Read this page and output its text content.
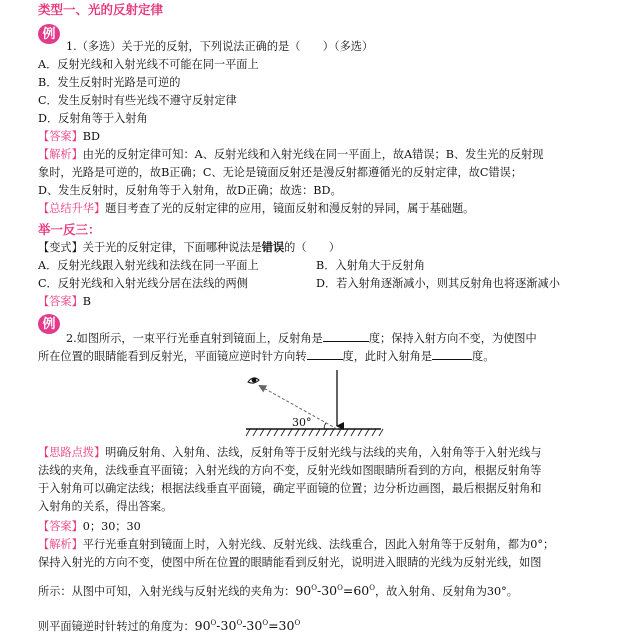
类型一、光的反射定律
例
1.（多选）关于光的反射，下列说法正确的是（　　）（多选）
A．反射光线和入射光线不可能在同一平面上
B．发生反射时光路是可逆的
C．发生反射时有些光线不遵守反射定律
D．反射角等于入射角
【答案】BD
【解析】由光的反射定律可知：A、反射光线和入射光线在同一平面上，故A错误；B、发生光的反射现
象时，光路是可逆的，故B正确；C、无论是镜面反射还是漫反射都遵循光的反射定律，故C错误；
D、发生反射时，反射角等于入射角，故D正确；故选：BD。
【总结升华】题目考查了光的反射定律的应用，镜面反射和漫反射的异同，属于基础题。
举一反三：
【变式】关于光的反射定律，下面哪种说法是错误的（　　）
A．反射光线跟入射光线和法线在同一平面上	B．入射角大于反射角
C．反射光线和入射光线分居在法线的两侧	D．若入射角逐渐减小，则其反射角也将逐渐减小
【答案】B
例
2.如图所示，一束平行光垂直射到镜面上，反射角是	度；保持入射方向不变，为使图中
所在位置的眼睛能看到反射光，平面镜应逆时针方向转	度，此时入射角是	度。
30°
【思路点拨】明确反射角、入射角、法线，反射角等于反射光线与法线的夹角，入射角等于入射光线与
法线的夹角，法线垂直平面镜；入射光线的方向不变，反射光线如图眼睛所看到的方向，根据反射角等
于入射角可以确定法线；根据法线垂直平面镜，确定平面镜的位置；边分析边画图，最后根据反射角和
入射角的关系，得出答案。
【答案】0；30；30
【解析】平行光垂直射到镜面上时，入射光线、反射光线、法线重合，因此入射角等于反射角，都为0°；
保持入射光的方向不变，使图中所在位置的眼睛能看到反射光，说明进入眼睛的光线为反射光线，如图
所示：从图中可知，入射光线与反射光线的夹角为：$90^O-30^O=60^O$，故入射角、反射角为30°。
则平面镜逆时针转过的角度为：$90^O-30^O-30^O=30^O$
